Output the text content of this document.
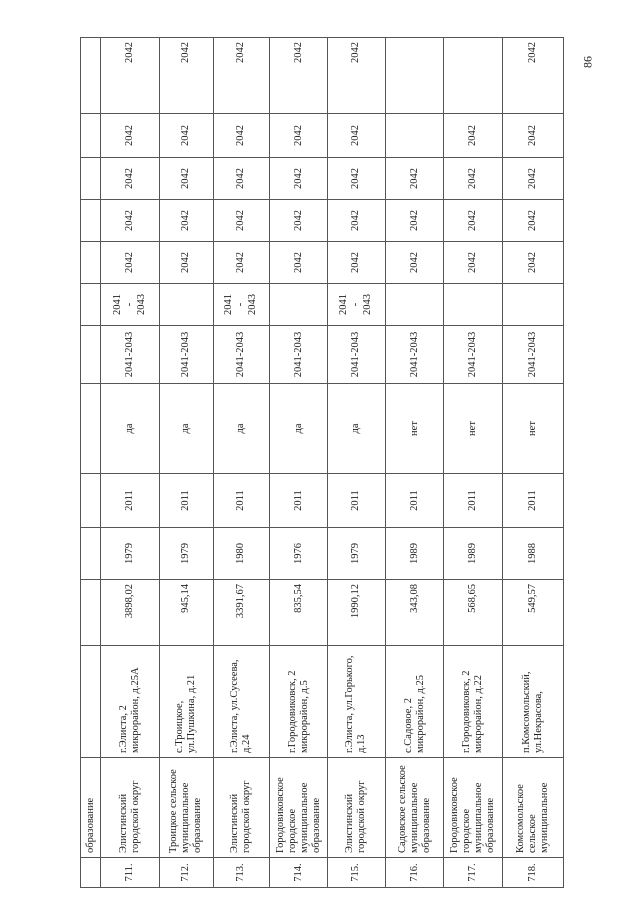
86
	образование												
711.	Элистинский городской округ	г.Элиста, 2 микрорайон, д.25А	3898,02	1979	2011	да	2041-2043	2041 - 2043	2042	2042	2042	2042	2042
712.	Троицкое сельское муниципальное образование	с.Троицкое, ул.Пушкина, д.21	945,14	1979	2011	да	2041-2043		2042	2042	2042	2042	2042
713.	Элистинский городской округ	г.Элиста, ул.Сусеева, д.24	3391,67	1980	2011	да	2041-2043	2041 - 2043	2042	2042	2042	2042	2042
714.	Городовиковское городское муниципальное образование	г.Городовиковск, 2 микрорайон, д.5	835,54	1976	2011	да	2041-2043		2042	2042	2042	2042	2042
715.	Элистинский городской округ	г.Элиста, ул.Горького, д.13	1990,12	1979	2011	да	2041-2043	2041 - 2043	2042	2042	2042	2042	2042
716.	Садовское сельское муниципальное образование	с.Садовое, 2 микрорайон, д.25	343,08	1989	2011	нет	2041-2043		2042	2042	2042		
717.	Городовиковское городское муниципальное образование	г.Городовиковск, 2 микрорайон, д.22	568,65	1989	2011	нет	2041-2043		2042	2042	2042	2042	
718.	Комсомольское сельское муниципальное	п.Комсомольский, ул.Некрасова,	549,57	1988	2011	нет	2041-2043		2042	2042	2042	2042	2042
